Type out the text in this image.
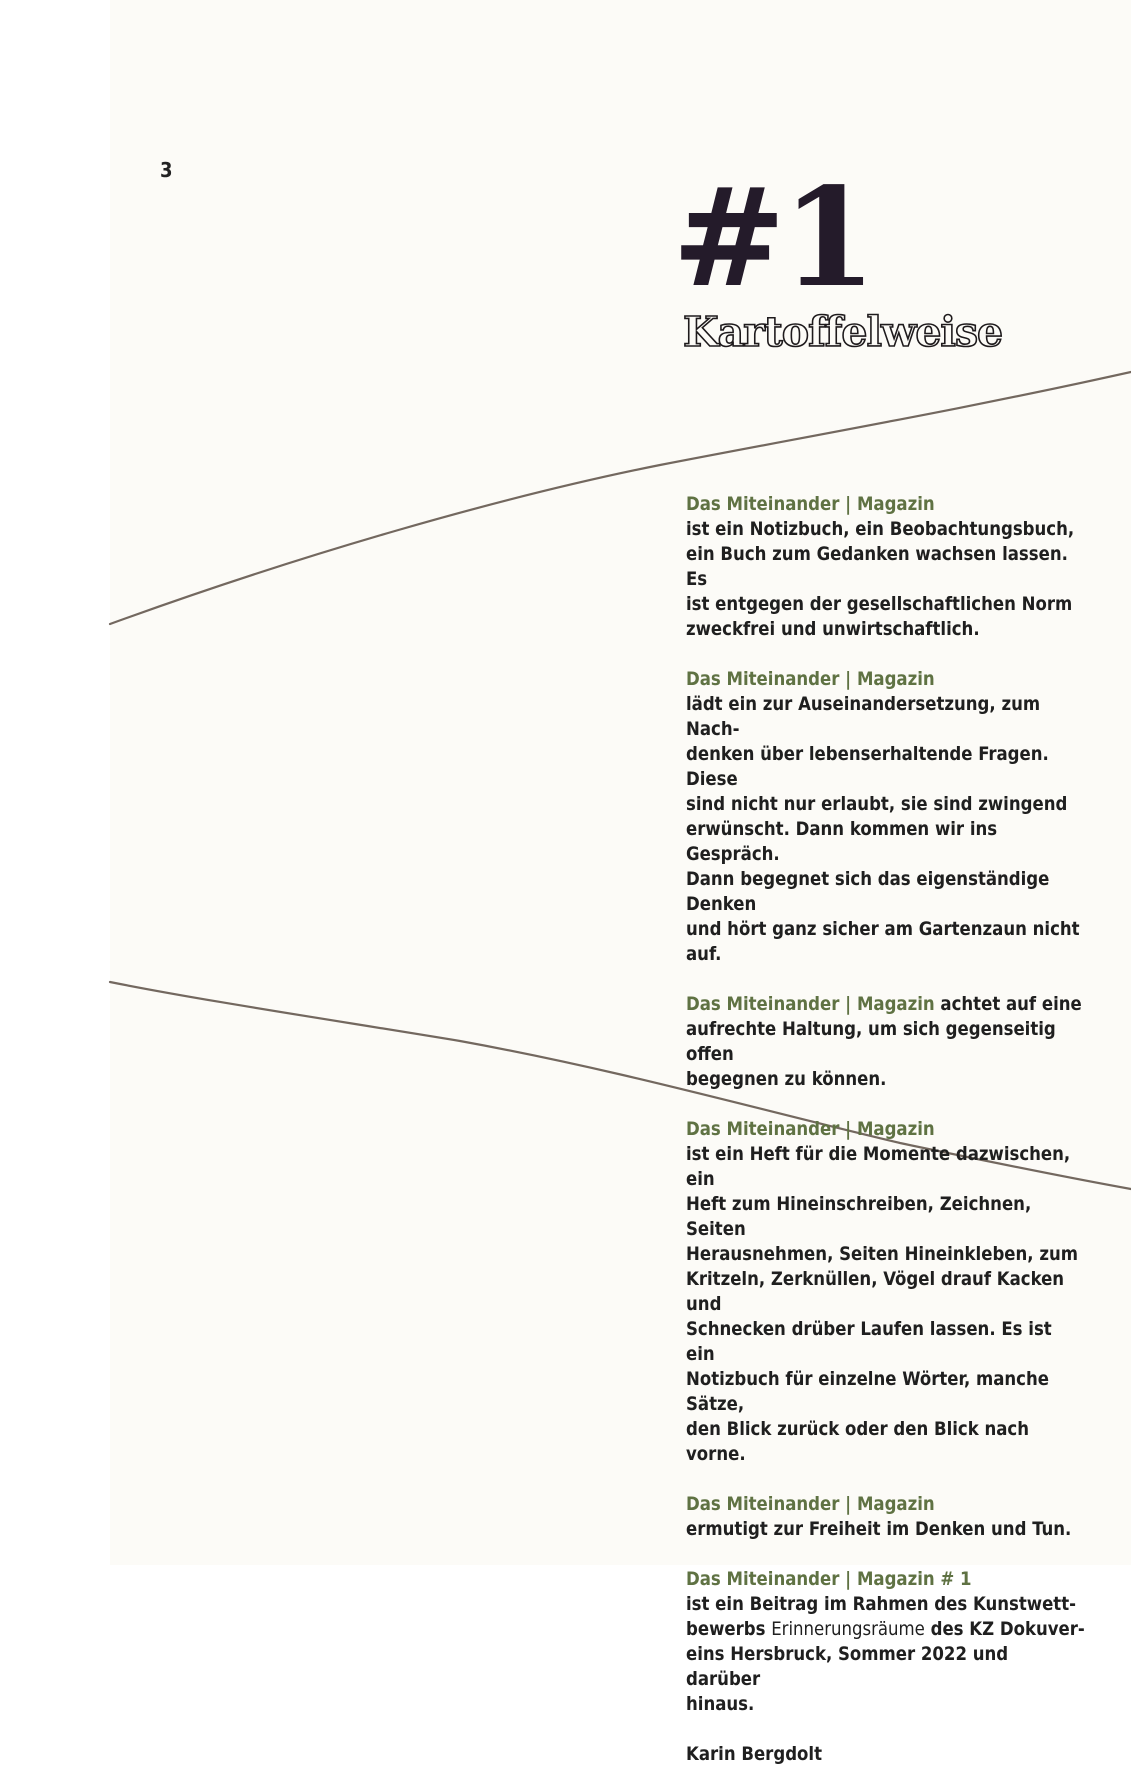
3	#1
Kartoffelweise
Das Miteinander | Magazin
ist ein Notizbuch, ein Beobachtungsbuch,
ein Buch zum Gedanken wachsen lassen. Es
ist entgegen der gesellschaftlichen Norm
zweckfrei und unwirtschaftlich.
Das Miteinander | Magazin
lädt ein zur Auseinandersetzung, zum Nach-
denken über lebenserhaltende Fragen. Diese
sind nicht nur erlaubt, sie sind zwingend
erwünscht. Dann kommen wir ins Gespräch.
Dann begegnet sich das eigenständige Denken
und hört ganz sicher am Gartenzaun nicht auf.
Das Miteinander | Magazin achtet auf eine
aufrechte Haltung, um sich gegenseitig offen
begegnen zu können.
Das Miteinander | Magazin
ist ein Heft für die Momente dazwischen, ein
Heft zum Hineinschreiben, Zeichnen, Seiten
Herausnehmen, Seiten Hineinkleben, zum
Kritzeln, Zerknüllen, Vögel drauf Kacken und
Schnecken drüber Laufen lassen. Es ist ein
Notizbuch für einzelne Wörter, manche Sätze,
den Blick zurück oder den Blick nach vorne.
Das Miteinander | Magazin
ermutigt zur Freiheit im Denken und Tun.
Das Miteinander | Magazin # 1
ist ein Beitrag im Rahmen des Kunstwett-
bewerbs Erinnerungsräume des KZ Dokuver-
eins Hersbruck, Sommer 2022 und darüber
hinaus.
Karin Bergdolt
